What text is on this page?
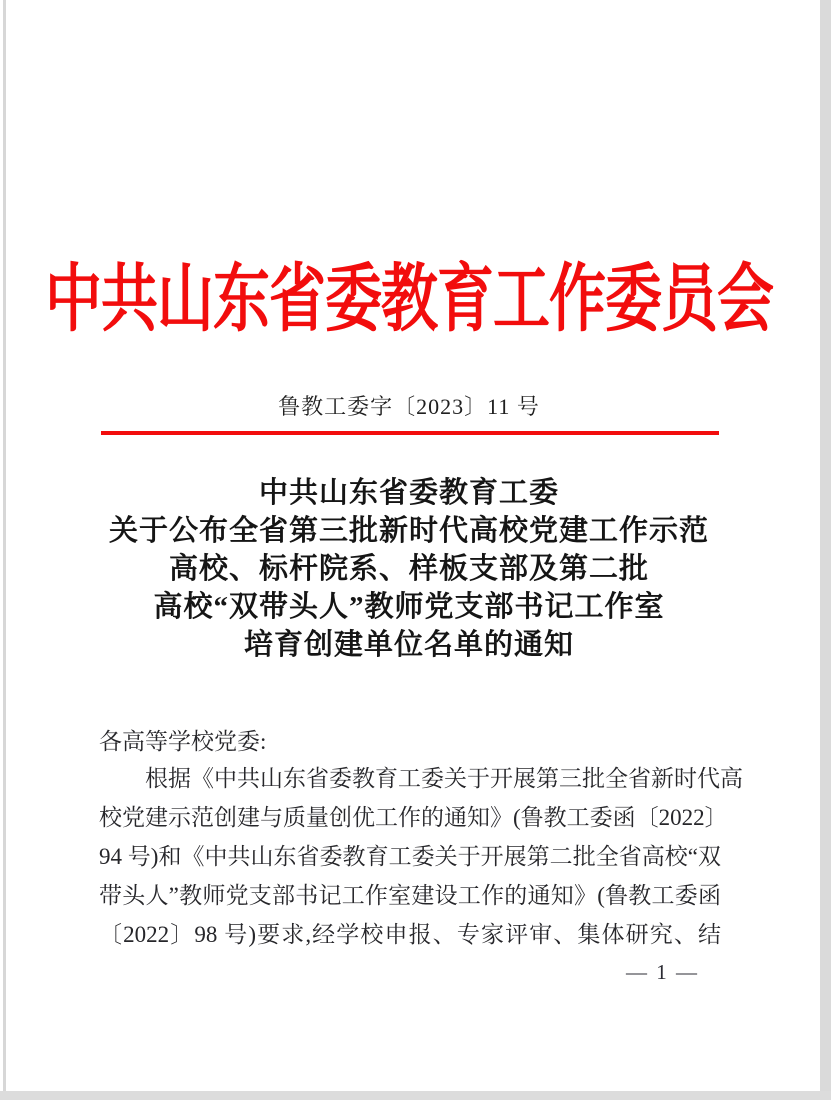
中共山东省委教育工作委员会
鲁教工委字〔2023〕11 号
中共山东省委教育工委
关于公布全省第三批新时代高校党建工作示范
高校、标杆院系、样板支部及第二批
高校“双带头人”教师党支部书记工作室
培育创建单位名单的通知
各高等学校党委:
根据《中共山东省委教育工委关于开展第三批全省新时代高
校党建示范创建与质量创优工作的通知》(鲁教工委函〔2022〕
94 号)和《中共山东省委教育工委关于开展第二批全省高校“双
带头人”教师党支部书记工作室建设工作的通知》(鲁教工委函
〔2022〕98 号)要求,经学校申报、专家评审、集体研究、结
— 1 —
